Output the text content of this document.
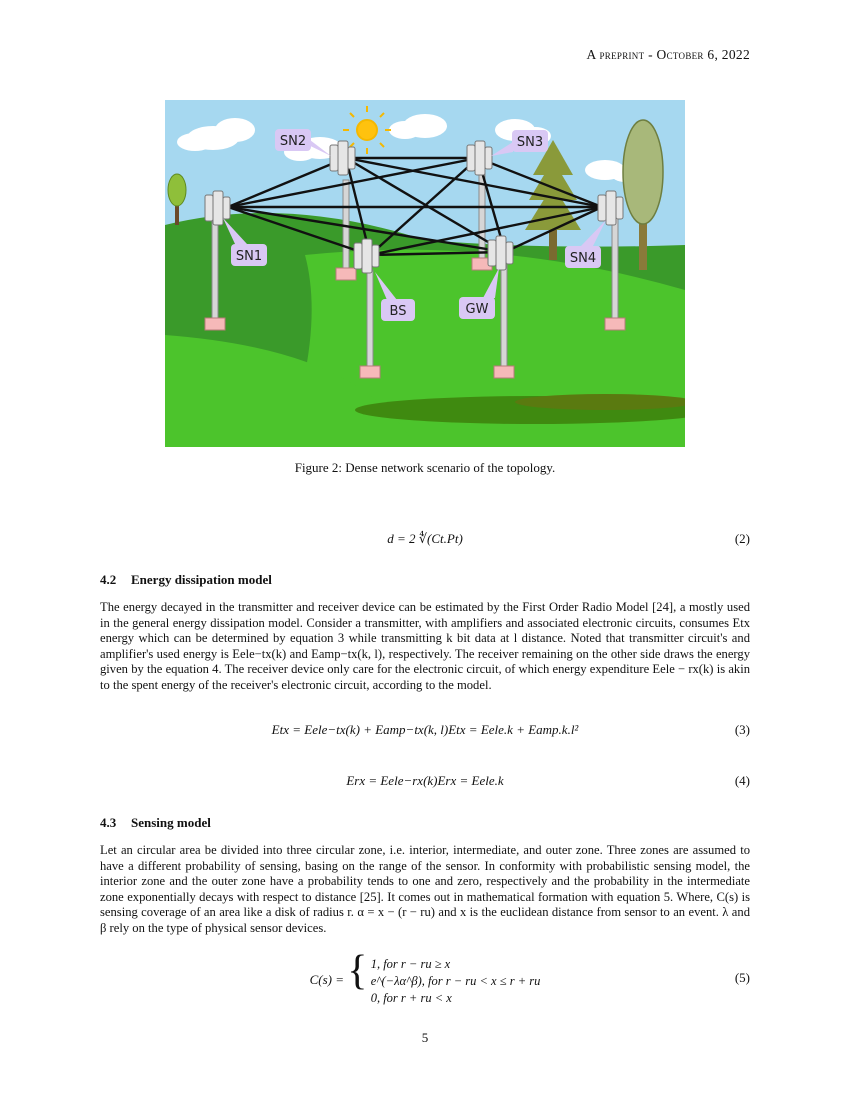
A preprint - October 6, 2022
SN1
SN2	SN3
SN4
BS	GW
Figure 2: Dense network scenario of the topology.
d = 2 ∜(Ct.Pt)	(2)
4.2 Energy dissipation model
The energy decayed in the transmitter and receiver device can be estimated by the First Order Radio Model [24], a mostly used in the general energy dissipation model. Consider a transmitter, with amplifiers and associated electronic circuits, consumes Etx energy which can be determined by equation 3 while transmitting k bit data at l distance. Noted that transmitter circuit's and amplifier's used energy is Eele−tx(k) and Eamp−tx(k, l), respectively. The receiver remaining on the other side draws the energy given by the equation 4. The receiver device only care for the electronic circuit, of which energy expenditure Eele − rx(k) is akin to the spent energy of the receiver's electronic circuit, according to the model.
Etx = Eele−tx(k) + Eamp−tx(k, l)Etx = Eele.k + Eamp.k.l²	(3)
Erx = Eele−rx(k)Erx = Eele.k	(4)
4.3 Sensing model
Let an circular area be divided into three circular zone, i.e. interior, intermediate, and outer zone. Three zones are assumed to have a different probability of sensing, basing on the range of the sensor. In conformity with probabilistic sensing model, the interior zone and the outer zone have a probability tends to one and zero, respectively and the probability in the intermediate zone exponentially decays with respect to distance [25]. It comes out in mathematical formation with equation 5. Where, C(s) is sensing coverage of an area like a disk of radius r. α = x − (r − ru) and x is the euclidean distance from sensor to an event. λ and β rely on the type of physical sensor devices.
C(s) = { 1, for r − ru ≥ x
e^(−λα^β), for r − ru < x ≤ r + ru
0, for r + ru < x
(5)
5
